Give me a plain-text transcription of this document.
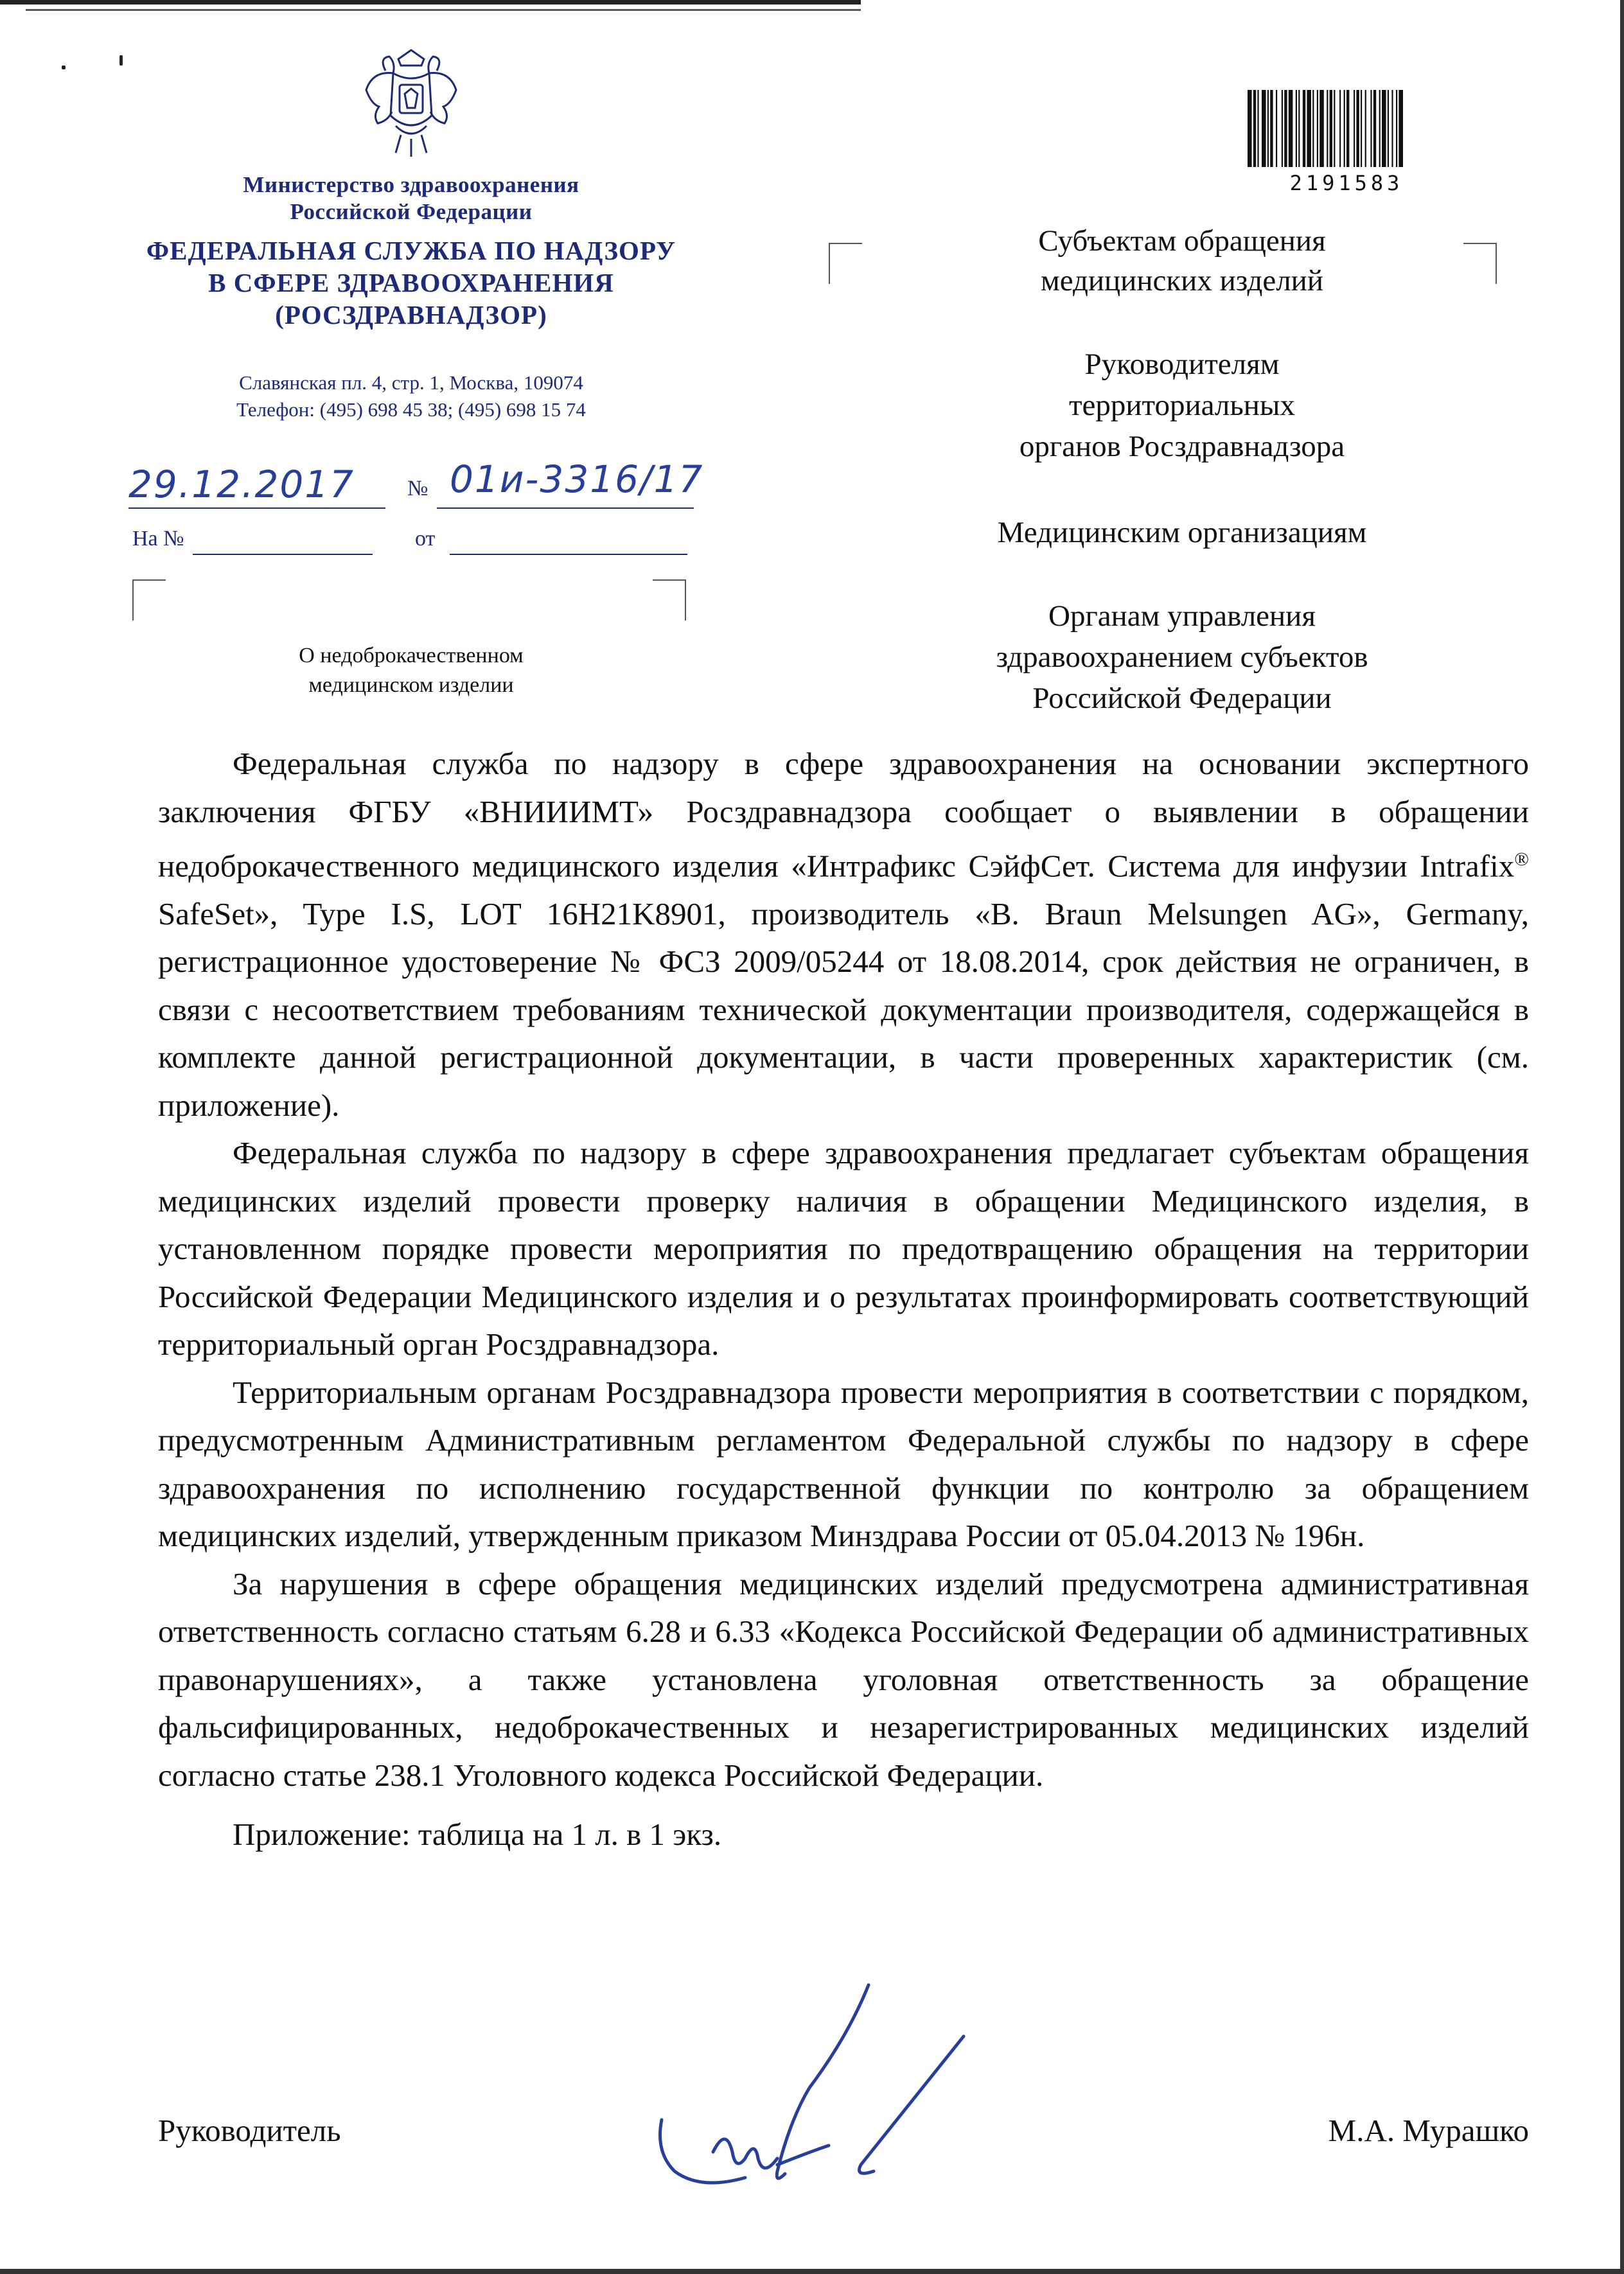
Министерство здравоохранения
Российской Федерации
ФЕДЕРАЛЬНАЯ СЛУЖБА ПО НАДЗОРУ
В СФЕРЕ ЗДРАВООХРАНЕНИЯ
(РОСЗДРАВНАДЗОР)
Славянская пл. 4, стр. 1, Москва, 109074
Телефон: (495) 698 45 38; (495) 698 15 74
29.12.2017 № 01и-3316/17
На №	от
О недоброкачественном
медицинском изделии
2191583
Субъектам обращения
медицинских изделий
Руководителям
территориальных
органов Росздравнадзора
Медицинским организациям
Органам управления
здравоохранением субъектов
Российской Федерации

Федеральная служба по надзору в сфере здравоохранения на основании экспертного заключения ФГБУ «ВНИИИМТ» Росздравнадзора сообщает о выявлении в обращении недоброкачественного медицинского изделия «Интрафикс СэйфСет. Система для инфузии Intrafix® SafeSet», Type I.S, LOT 16H21K8901, производитель «B. Braun Melsungen AG», Germany, регистрационное удостоверение № ФСЗ 2009/05244 от 18.08.2014, срок действия не ограничен, в связи с несоответствием требованиям технической документации производителя, содержащейся в комплекте данной регистрационной документации, в части проверенных характеристик (см. приложение).

Федеральная служба по надзору в сфере здравоохранения предлагает субъектам обращения медицинских изделий провести проверку наличия в обращении Медицинского изделия, в установленном порядке провести мероприятия по предотвращению обращения на территории Российской Федерации Медицинского изделия и о результатах проинформировать соответствующий территориальный орган Росздравнадзора.

Территориальным органам Росздравнадзора провести мероприятия в соответствии с порядком, предусмотренным Административным регламентом Федеральной службы по надзору в сфере здравоохранения по исполнению государственной функции по контролю за обращением медицинских изделий, утвержденным приказом Минздрава России от 05.04.2013 № 196н.

За нарушения в сфере обращения медицинских изделий предусмотрена административная ответственность согласно статьям 6.28 и 6.33 «Кодекса Российской Федерации об административных правонарушениях», а также установлена уголовная ответственность за обращение фальсифицированных, недоброкачественных и незарегистрированных медицинских изделий согласно статье 238.1 Уголовного кодекса Российской Федерации.

Приложение: таблица на 1 л. в 1 экз.

Руководитель	М.А. Мурашко
